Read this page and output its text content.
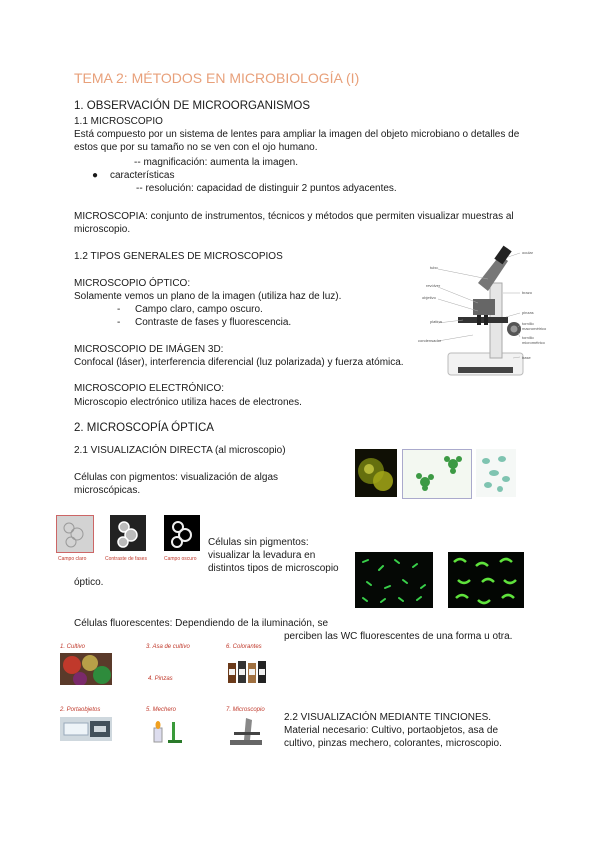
TEMA 2: MÉTODOS EN MICROBIOLOGÍA (I)
1. OBSERVACIÓN DE MICROORGANISMOS
1.1 MICROSCOPIO
Está compuesto por un sistema de lentes para ampliar la imagen del objeto microbiano o detalles de
estos que por su tamaño no se ven con el ojo humano.
-- magnificación: aumenta la imagen.
● características
-- resolución: capacidad de distinguir 2 puntos adyacentes.
MICROSCOPIA: conjunto de instrumentos, técnicos y métodos que permiten visualizar muestras al
microscopio.
1.2 TIPOS GENERALES DE MICROSCOPIOS
MICROSCOPIO ÓPTICO:
Solamente vemos un plano de la imagen (utiliza haz de luz).
- Campo claro, campo oscuro.
- Contraste de fases y fluorescencia.
MICROSCOPIO DE IMÁGEN 3D:
Confocal (láser), interferencia diferencial (luz polarizada) y fuerza atómica.
MICROSCOPIO ELECTRÓNICO:
Microscopio electrónico utiliza haces de electrones.
tubo
revólver
objetivo
platina
condensador
ocular
brazo
pinzas
tornillo macrométrico
tornillo micrométrico
base
2. MICROSCOPÍA ÓPTICA
2.1 VISUALIZACIÓN DIRECTA (al microscopio)
Células con pigmentos: visualización de algas
microscópicas.
Campo claro	Contraste de fases	Campo oscuro
Células sin pigmentos:
visualizar la levadura en
distintos tipos de microscopio
óptico.
Células fluorescentes: Dependiendo de la iluminación, se
perciben las WC fluorescentes de una forma u otra.
1. Cultivo	3. Asa de cultivo	6. Colorantes
4. Pinzas
2. Portaobjetos	5. Mechero	7. Microscopio
2.2 VISUALIZACIÓN MEDIANTE TINCIONES.
Material necesario: Cultivo, portaobjetos, asa de
cultivo, pinzas mechero, colorantes, microscopio.
